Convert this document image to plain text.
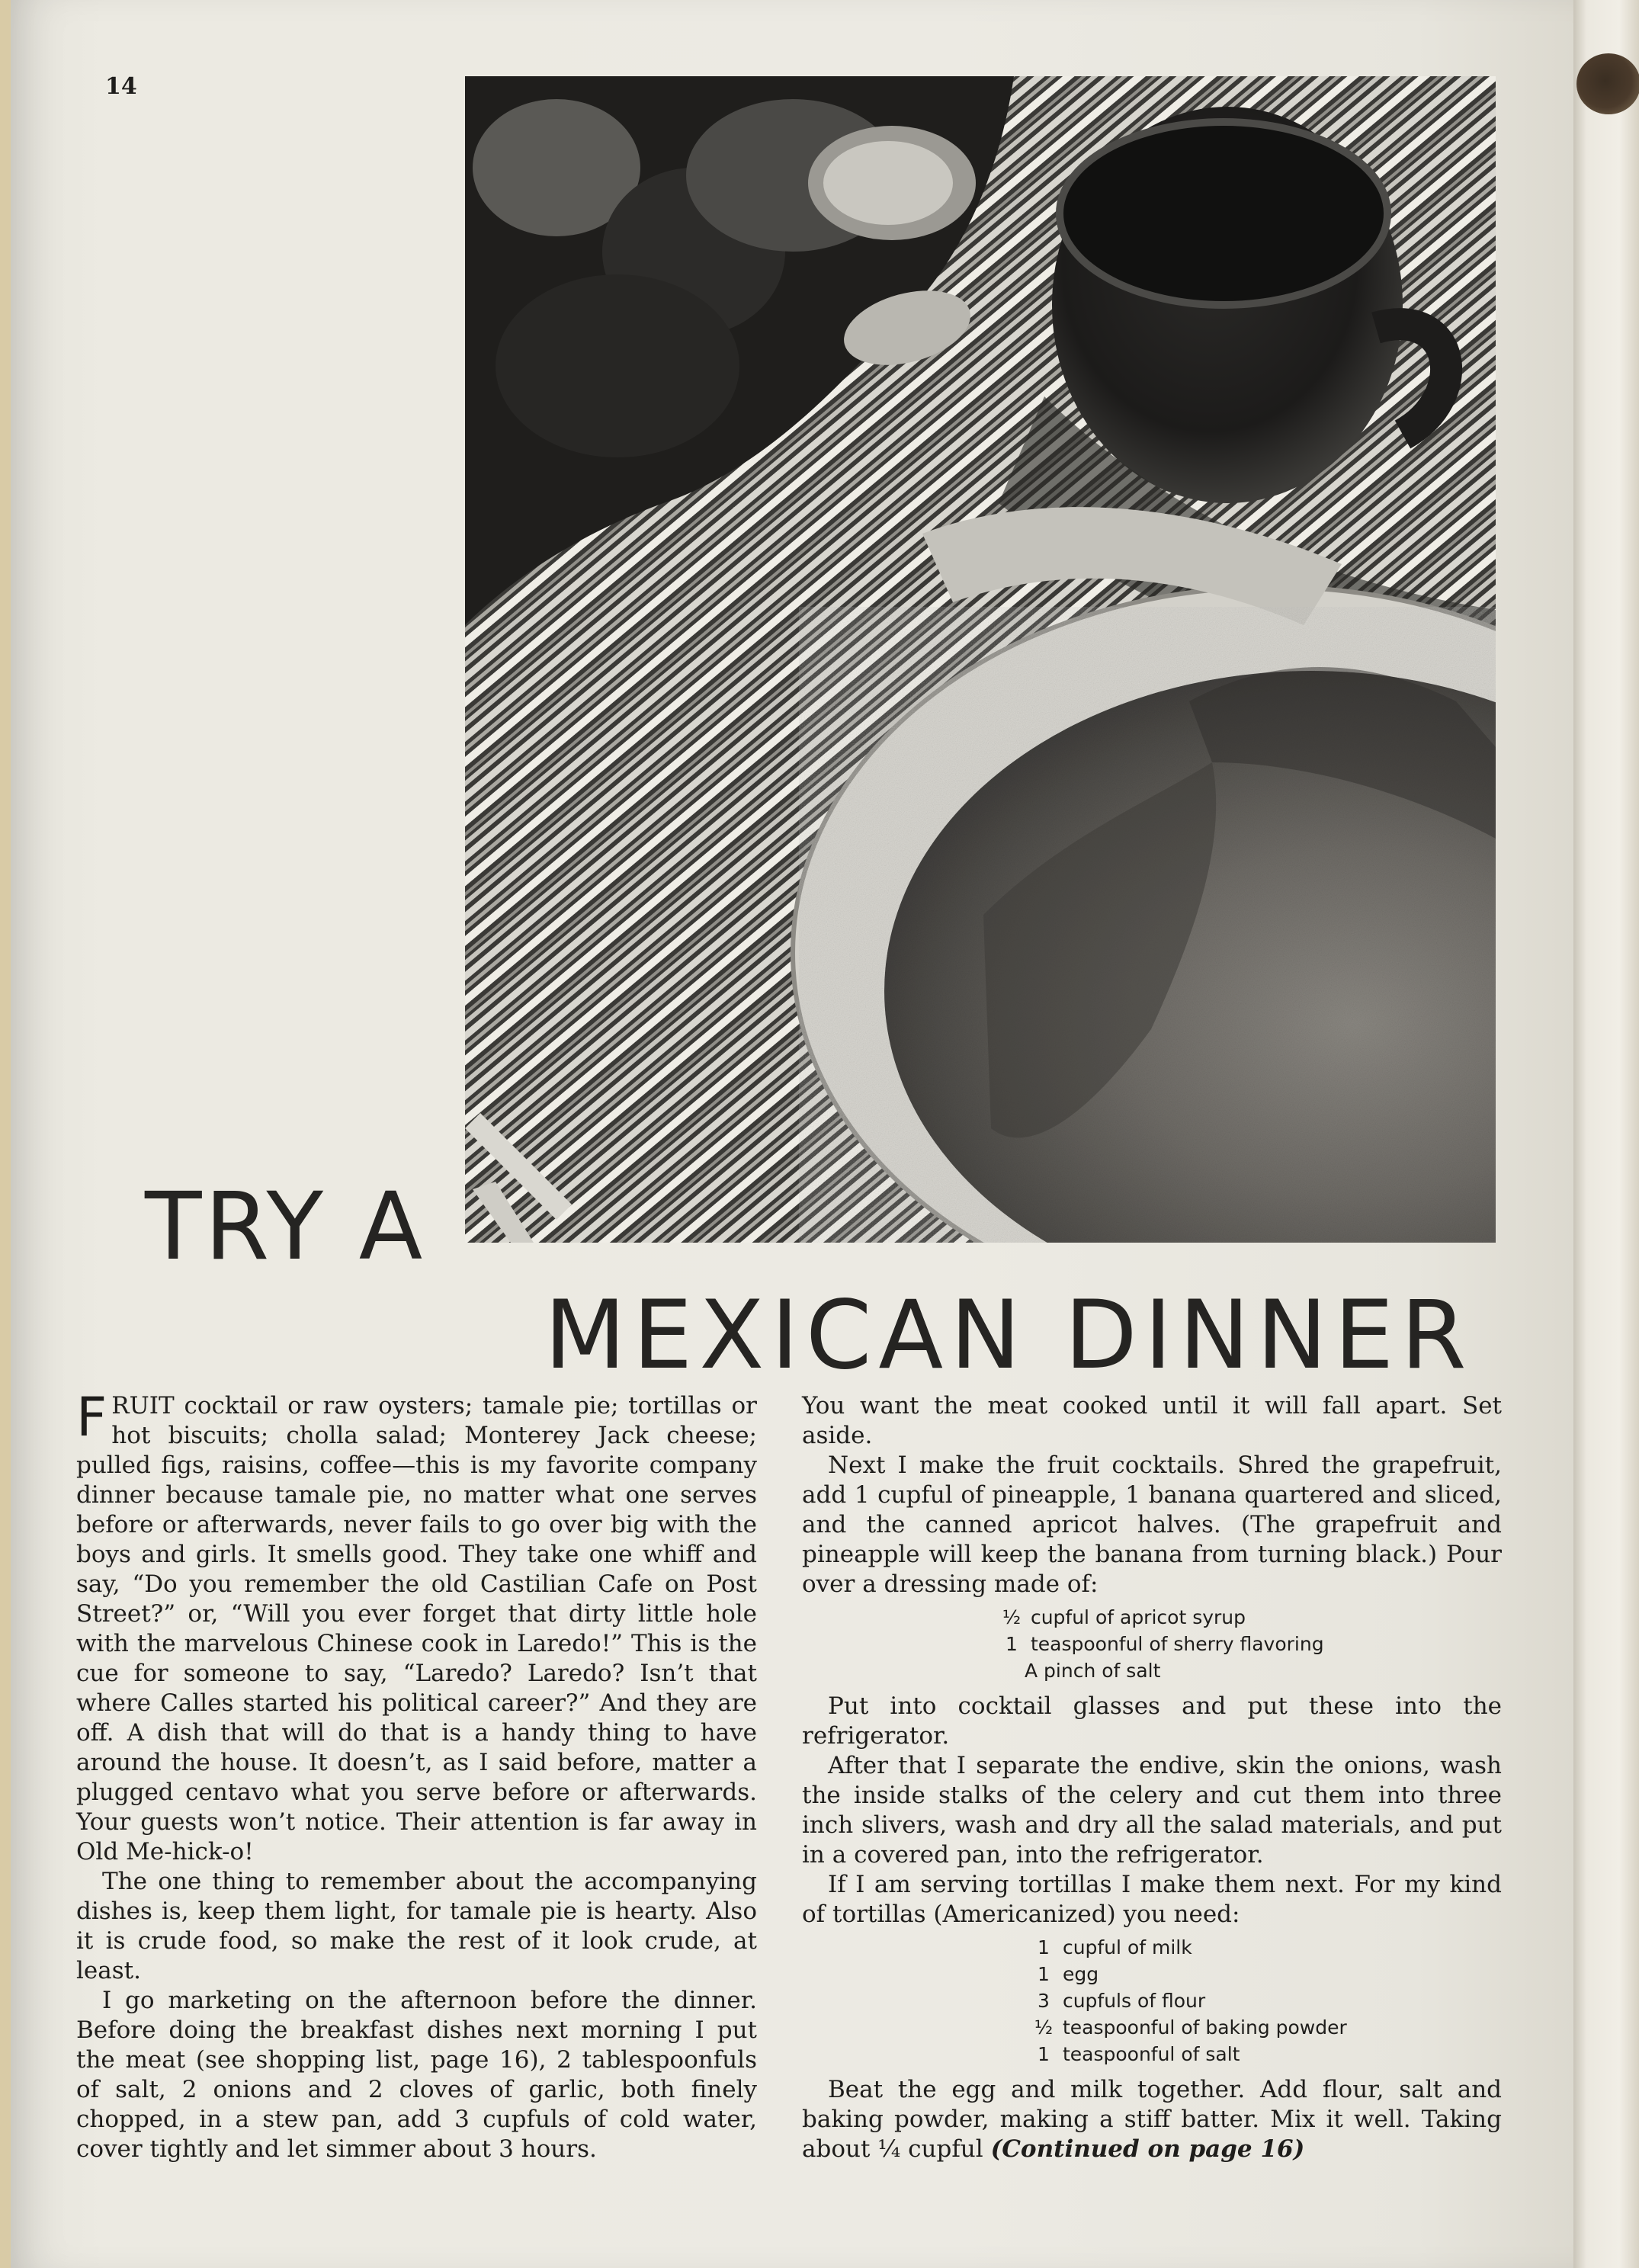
14
TRY A
MEXICAN DINNER

FRUIT cocktail or raw oysters; tamale pie; tortillas or hot biscuits; cholla salad; Monterey Jack cheese; pulled figs, raisins, coffee—this is my favorite company dinner because tamale pie, no matter what one serves before or afterwards, never fails to go over big with the boys and girls. It smells good. They take one whiff and say, “Do you remember the old Castilian Cafe on Post Street?” or, “Will you ever forget that dirty little hole with the marvelous Chinese cook in Laredo!” This is the cue for someone to say, “Laredo? Laredo? Isn’t that where Calles started his political career?” And they are off. A dish that will do that is a handy thing to have around the house. It doesn’t, as I said before, matter a plugged centavo what you serve before or afterwards. Your guests won’t notice. Their attention is far away in Old Me-hick-o!

The one thing to remember about the accompanying dishes is, keep them light, for tamale pie is hearty. Also it is crude food, so make the rest of it look crude, at least.

I go marketing on the afternoon before the dinner. Before doing the breakfast dishes next morning I put the meat (see shopping list, page 16), 2 tablespoonfuls of salt, 2 onions and 2 cloves of garlic, both finely chopped, in a stew pan, add 3 cupfuls of cold water, cover tightly and let simmer about 3 hours.

You want the meat cooked until it will fall apart. Set aside.

Next I make the fruit cocktails. Shred the grapefruit, add 1 cupful of pineapple, 1 banana quartered and sliced, and the canned apricot halves. (The grapefruit and pineapple will keep the banana from turning black.) Pour over a dressing made of:

½ cupful of apricot syrup
1 teaspoonful of sherry flavoring
A pinch of salt

Put into cocktail glasses and put these into the refrigerator.

After that I separate the endive, skin the onions, wash the inside stalks of the celery and cut them into three inch slivers, wash and dry all the salad materials, and put in a covered pan, into the refrigerator.

If I am serving tortillas I make them next. For my kind of tortillas (Americanized) you need:

1 cupful of milk
1 egg
3 cupfuls of flour
½ teaspoonful of baking powder
1 teaspoonful of salt

Beat the egg and milk together. Add flour, salt and baking powder, making a stiff batter. Mix it well. Taking about ¼ cupful (Continued on page 16)
